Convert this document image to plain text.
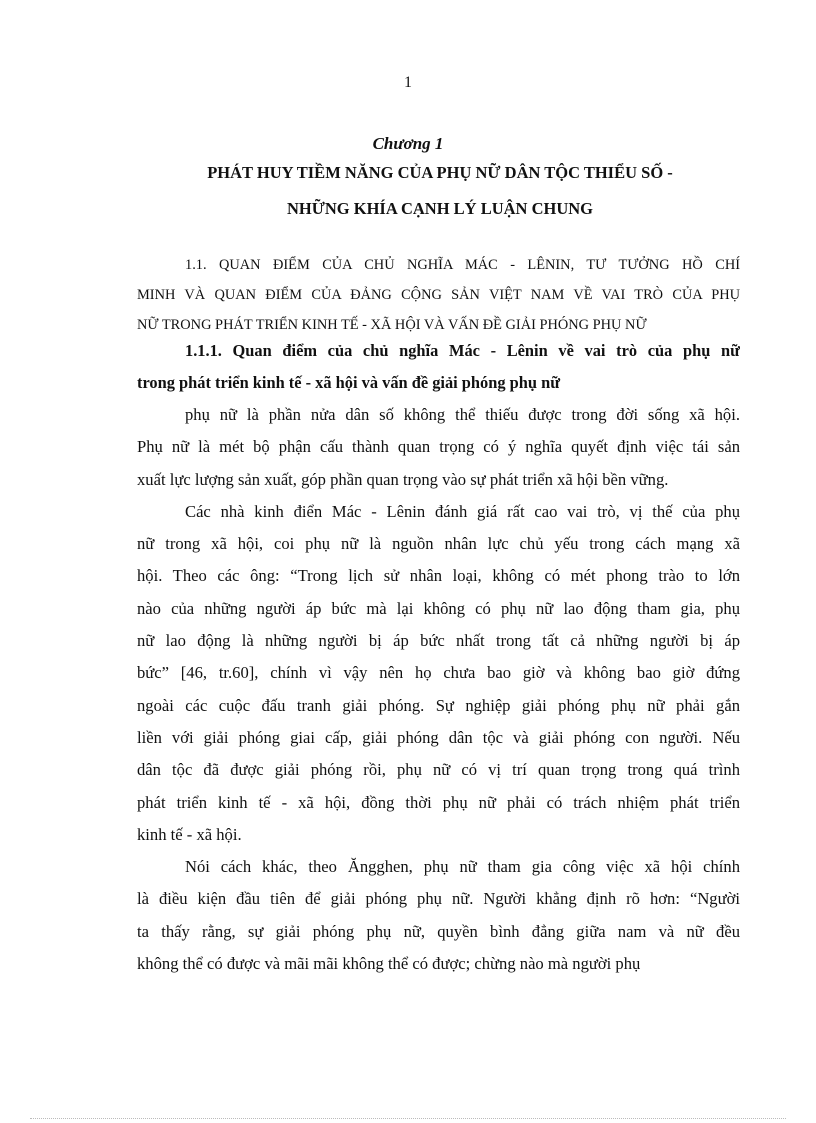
1
Chương 1
PHÁT HUY TIỀM NĂNG CỦA PHỤ NỮ DÂN TỘC THIỂU SỐ -
NHỮNG KHÍA CẠNH LÝ LUẬN CHUNG
1.1. QUAN ĐIỂM CỦA CHỦ NGHĨA MÁC - LÊNIN, TƯ TƯỞNG HỒ CHÍ
MINH VÀ QUAN ĐIỂM CỦA ĐẢNG CỘNG SẢN VIỆT NAM VỀ VAI TRÒ CỦA PHỤ
NỮ TRONG PHÁT TRIỂN KINH TẾ - XÃ HỘI VÀ VẤN ĐỀ GIẢI PHÓNG PHỤ NỮ
1.1.1. Quan điểm của chủ nghĩa Mác - Lênin về vai trò của phụ nữ
trong phát triển kinh tế - xã hội và vấn đề giải phóng phụ nữ
phụ nữ là phần nửa dân số không thể thiếu được trong đời sống xã hội.
Phụ nữ là mét bộ phận cấu thành quan trọng có ý nghĩa quyết định việc tái sản
xuất lực lượng sản xuất, góp phần quan trọng vào sự phát triển xã hội bền vững.
Các nhà kinh điển Mác - Lênin đánh giá rất cao vai trò, vị thế của phụ
nữ trong xã hội, coi phụ nữ là nguồn nhân lực chủ yếu trong cách mạng xã
hội. Theo các ông: “Trong lịch sử nhân loại, không có mét phong trào to lớn
nào của những người áp bức mà lại không có phụ nữ lao động tham gia, phụ
nữ lao động là những người bị áp bức nhất trong tất cả những người bị áp
bức” [46, tr.60], chính vì vậy nên họ chưa bao giờ và không bao giờ đứng
ngoài các cuộc đấu tranh giải phóng. Sự nghiệp giải phóng phụ nữ phải gắn
liền với giải phóng giai cấp, giải phóng dân tộc và giải phóng con người. Nếu
dân tộc đã được giải phóng rồi, phụ nữ có vị trí quan trọng trong quá trình
phát triển kinh tế - xã hội, đồng thời phụ nữ phải có trách nhiệm phát triển
kinh tế - xã hội.
Nói cách khác, theo Ăngghen, phụ nữ tham gia công việc xã hội chính
là điều kiện đầu tiên để giải phóng phụ nữ. Người khẳng định rõ hơn: “Người
ta thấy rằng, sự giải phóng phụ nữ, quyền bình đẳng giữa nam và nữ đều
không thể có được và mãi mãi không thể có được; chừng nào mà người phụ
